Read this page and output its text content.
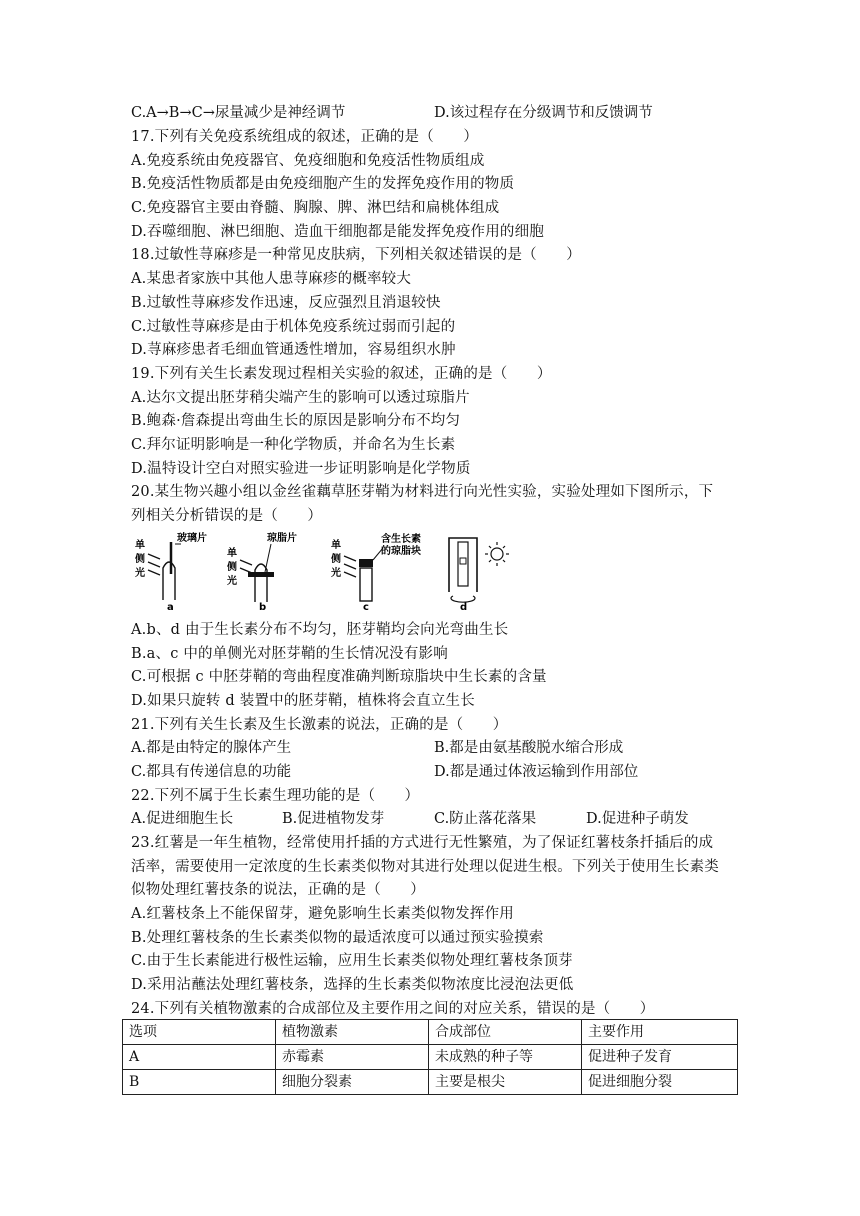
C.A→B→C→尿量减少是神经调节	D.该过程存在分级调节和反馈调节
17.下列有关免疫系统组成的叙述，正确的是（　　）
A.免疫系统由免疫器官、免疫细胞和免疫活性物质组成
B.免疫活性物质都是由免疫细胞产生的发挥免疫作用的物质
C.免疫器官主要由脊髓、胸腺、脾、淋巴结和扁桃体组成
D.吞噬细胞、淋巴细胞、造血干细胞都是能发挥免疫作用的细胞
18.过敏性荨麻疹是一种常见皮肤病，下列相关叙述错误的是（　　）
A.某患者家族中其他人患荨麻疹的概率较大
B.过敏性荨麻疹发作迅速，反应强烈且消退较快
C.过敏性荨麻疹是由于机体免疫系统过弱而引起的
D.荨麻疹患者毛细血管通透性增加，容易组织水肿
19.下列有关生长素发现过程相关实验的叙述，正确的是（　　）
A.达尔文提出胚芽稍尖端产生的影响可以透过琼脂片
B.鲍森·詹森提出弯曲生长的原因是影响分布不均匀
C.拜尔证明影响是一种化学物质，并命名为生长素
D.温特设计空白对照实验进一步证明影响是化学物质
20.某生物兴趣小组以金丝雀藕草胚芽鞘为材料进行向光性实验，实验处理如下图所示，下
列相关分析错误的是（　　）
单
侧
光
玻璃片
a
单
侧
光
琼脂片
b
单
侧
光
含生长素
的琼脂块
c	d
A.b、d 由于生长素分布不均匀，胚芽鞘均会向光弯曲生长
B.a、c 中的单侧光对胚芽鞘的生长情况没有影响
C.可根据 c 中胚芽鞘的弯曲程度准确判断琼脂块中生长素的含量
D.如果只旋转 d 装置中的胚芽鞘，植株将会直立生长
21.下列有关生长素及生长激素的说法，正确的是（　　）
A.都是由特定的腺体产生	B.都是由氨基酸脱水缩合形成
C.都具有传递信息的功能	D.都是通过体液运输到作用部位
22.下列不属于生长素生理功能的是（　　）
A.促进细胞生长	B.促进植物发芽	C.防止落花落果	D.促进种子萌发
23.红薯是一年生植物，经常使用扦插的方式进行无性繁殖，为了保证红薯枝条扦插后的成
活率，需要使用一定浓度的生长素类似物对其进行处理以促进生根。下列关于使用生长素类
似物处理红薯技条的说法，正确的是（　　）
A.红薯枝条上不能保留芽，避免影响生长素类似物发挥作用
B.处理红薯枝条的生长素类似物的最适浓度可以通过预实验摸索
C.由于生长素能进行极性运输，应用生长素类似物处理红薯枝条顶芽
D.采用沾蘸法处理红薯枝条，选择的生长素类似物浓度比浸泡法更低
24.下列有关植物激素的合成部位及主要作用之间的对应关系，错误的是（　　）
选项	植物激素	合成部位	主要作用
A	赤霉素	未成熟的种子等	促进种子发育
B	细胞分裂素	主要是根尖	促进细胞分裂
